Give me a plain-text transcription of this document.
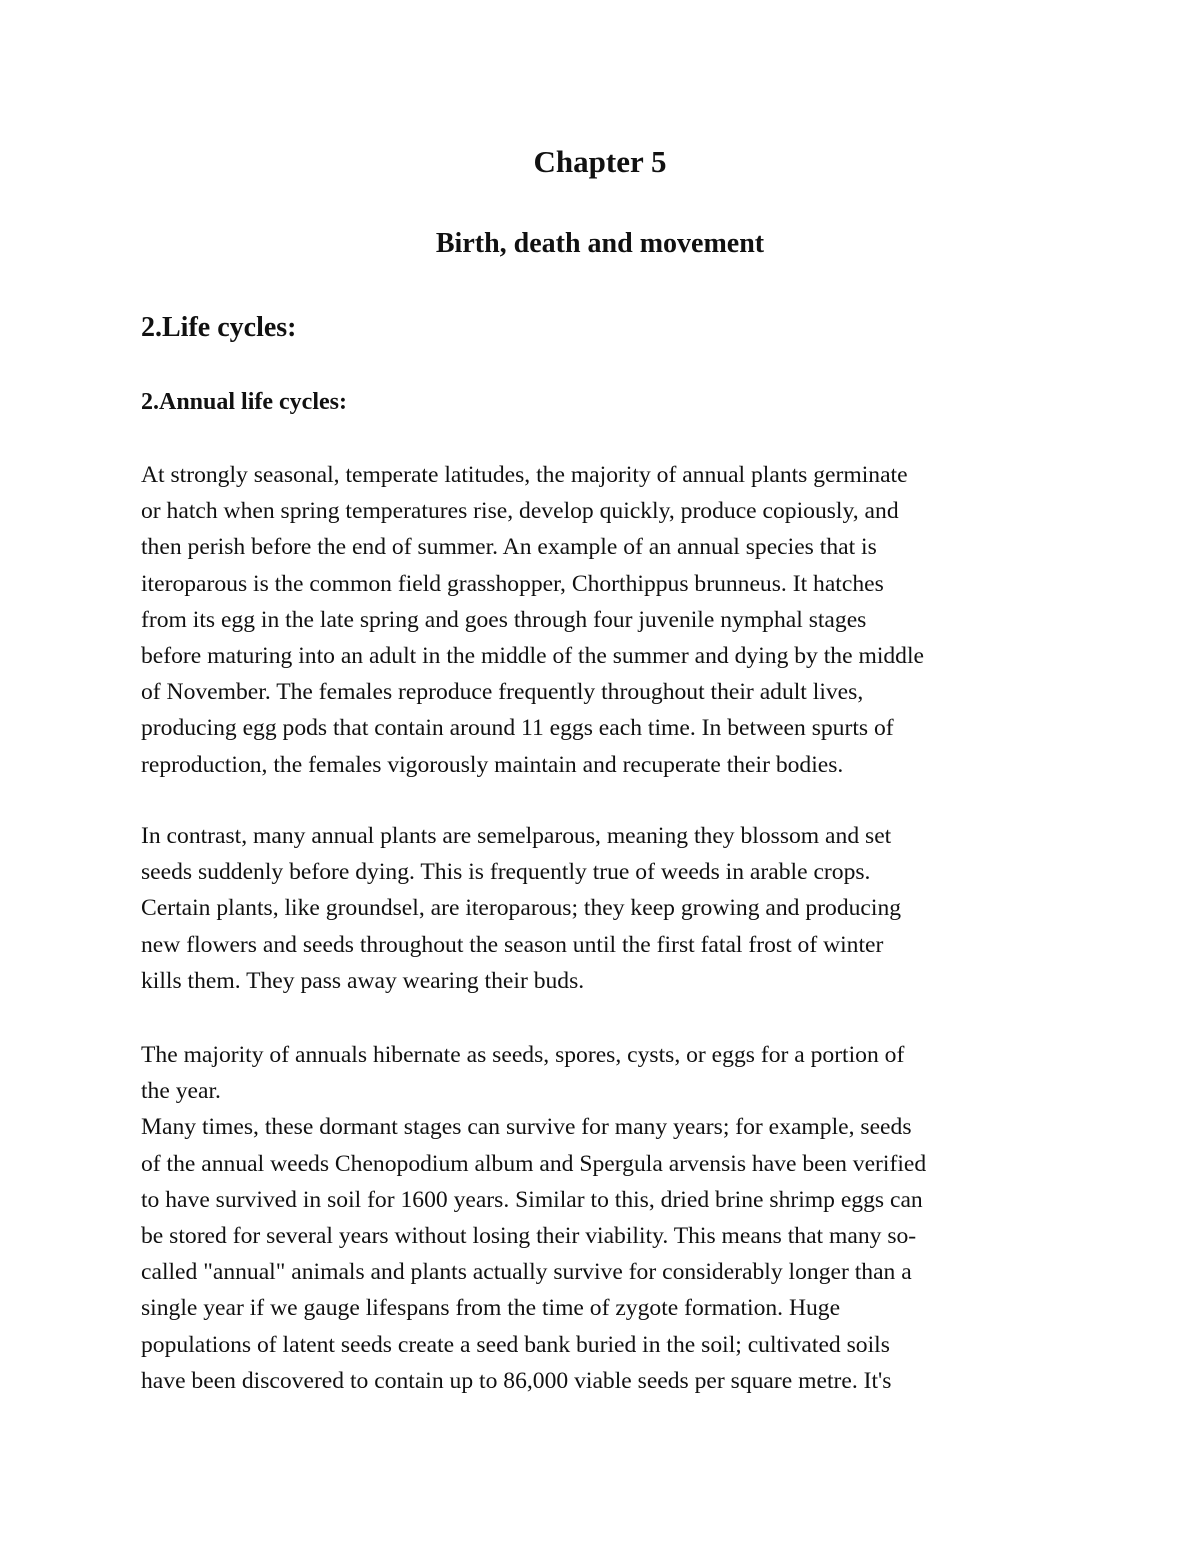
Chapter 5
Birth, death and movement
2.Life cycles:
2.Annual life cycles:

At strongly seasonal, temperate latitudes, the majority of annual plants germinate
or hatch when spring temperatures rise, develop quickly, produce copiously, and
then perish before the end of summer. An example of an annual species that is
iteroparous is the common field grasshopper, Chorthippus brunneus. It hatches
from its egg in the late spring and goes through four juvenile nymphal stages
before maturing into an adult in the middle of the summer and dying by the middle
of November. The females reproduce frequently throughout their adult lives,
producing egg pods that contain around 11 eggs each time. In between spurts of
reproduction, the females vigorously maintain and recuperate their bodies.

In contrast, many annual plants are semelparous, meaning they blossom and set
seeds suddenly before dying. This is frequently true of weeds in arable crops.
Certain plants, like groundsel, are iteroparous; they keep growing and producing
new flowers and seeds throughout the season until the first fatal frost of winter
kills them. They pass away wearing their buds.

The majority of annuals hibernate as seeds, spores, cysts, or eggs for a portion of
the year.
Many times, these dormant stages can survive for many years; for example, seeds
of the annual weeds Chenopodium album and Spergula arvensis have been verified
to have survived in soil for 1600 years. Similar to this, dried brine shrimp eggs can
be stored for several years without losing their viability. This means that many so-
called "annual" animals and plants actually survive for considerably longer than a
single year if we gauge lifespans from the time of zygote formation. Huge
populations of latent seeds create a seed bank buried in the soil; cultivated soils
have been discovered to contain up to 86,000 viable seeds per square metre. It's
